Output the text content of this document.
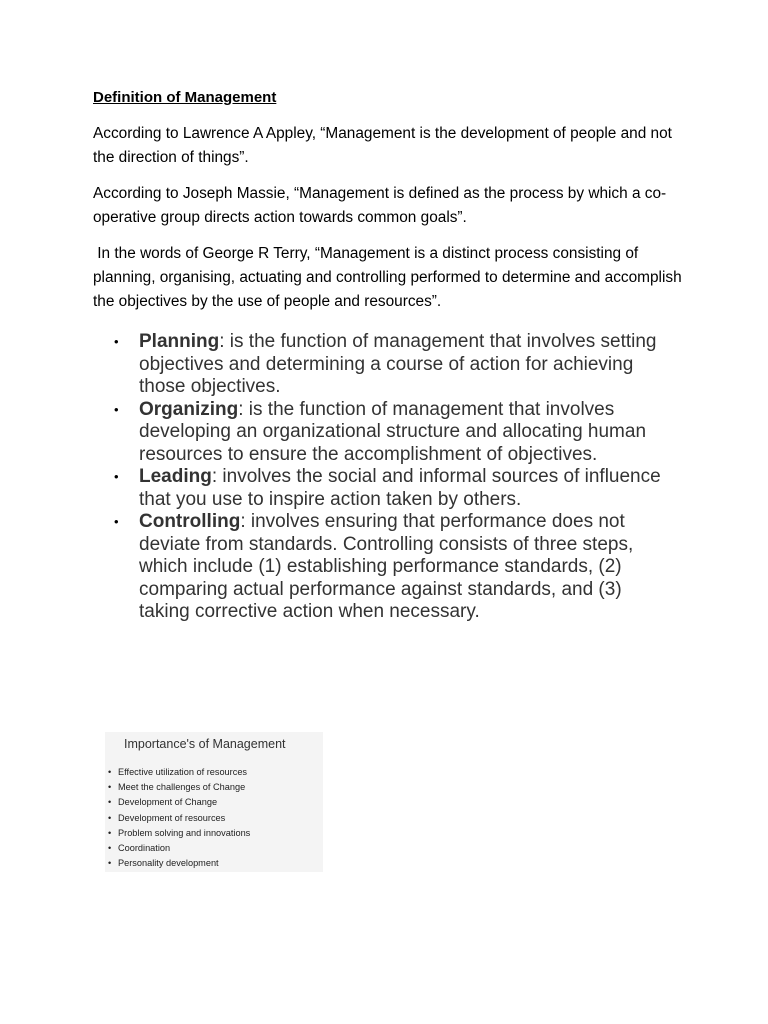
Definition of Management
According to Lawrence A Appley, “Management is the development of people and not the direction of things”.
According to Joseph Massie, “Management is defined as the process by which a co-operative group directs action towards common goals”.
In the words of George R Terry, “Management is a distinct process consisting of planning, organising, actuating and controlling performed to determine and accomplish the objectives by the use of people and resources”.
• Planning: is the function of management that involves setting objectives and determining a course of action for achieving those objectives.
• Organizing: is the function of management that involves developing an organizational structure and allocating human resources to ensure the accomplishment of objectives.
• Leading: involves the social and informal sources of influence that you use to inspire action taken by others.
• Controlling: involves ensuring that performance does not deviate from standards. Controlling consists of three steps, which include (1) establishing performance standards, (2) comparing actual performance against standards, and (3) taking corrective action when necessary.
Importance's of Management
• Effective utilization of resources
• Meet the challenges of Change
• Development of Change
• Development of resources
• Problem solving and innovations
• Coordination
• Personality development
